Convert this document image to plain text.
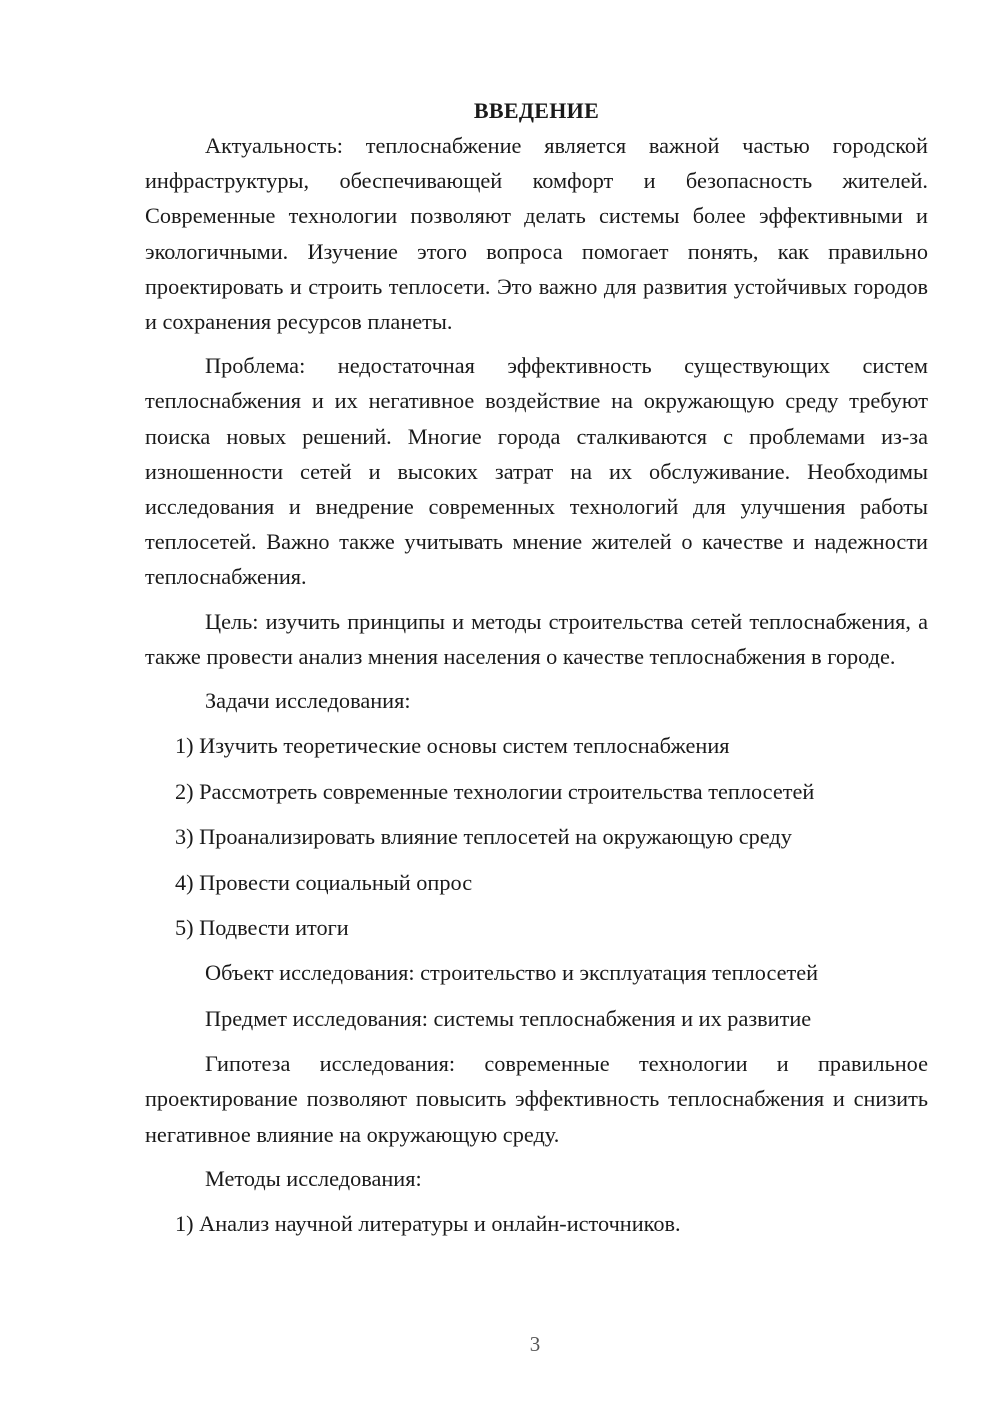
ВВЕДЕНИЕ

Актуальность: теплоснабжение является важной частью городской инфраструктуры, обеспечивающей комфорт и безопасность жителей. Современные технологии позволяют делать системы более эффективными и экологичными. Изучение этого вопроса помогает понять, как правильно проектировать и строить теплосети. Это важно для развития устойчивых городов и сохранения ресурсов планеты.

Проблема: недостаточная эффективность существующих систем теплоснабжения и их негативное воздействие на окружающую среду требуют поиска новых решений. Многие города сталкиваются с проблемами из-за изношенности сетей и высоких затрат на их обслуживание. Необходимы исследования и внедрение современных технологий для улучшения работы теплосетей. Важно также учитывать мнение жителей о качестве и надежности теплоснабжения.

Цель: изучить принципы и методы строительства сетей теплоснабжения, а также провести анализ мнения населения о качестве теплоснабжения в городе.

Задачи исследования:

1) Изучить теоретические основы систем теплоснабжения

2) Рассмотреть современные технологии строительства теплосетей

3) Проанализировать влияние теплосетей на окружающую среду

4) Провести социальный опрос

5) Подвести итоги

Объект исследования: строительство и эксплуатация теплосетей

Предмет исследования: системы теплоснабжения и их развитие

Гипотеза исследования: современные технологии и правильное проектирование позволяют повысить эффективность теплоснабжения и снизить негативное влияние на окружающую среду.

Методы исследования:

1) Анализ научной литературы и онлайн-источников.

3
